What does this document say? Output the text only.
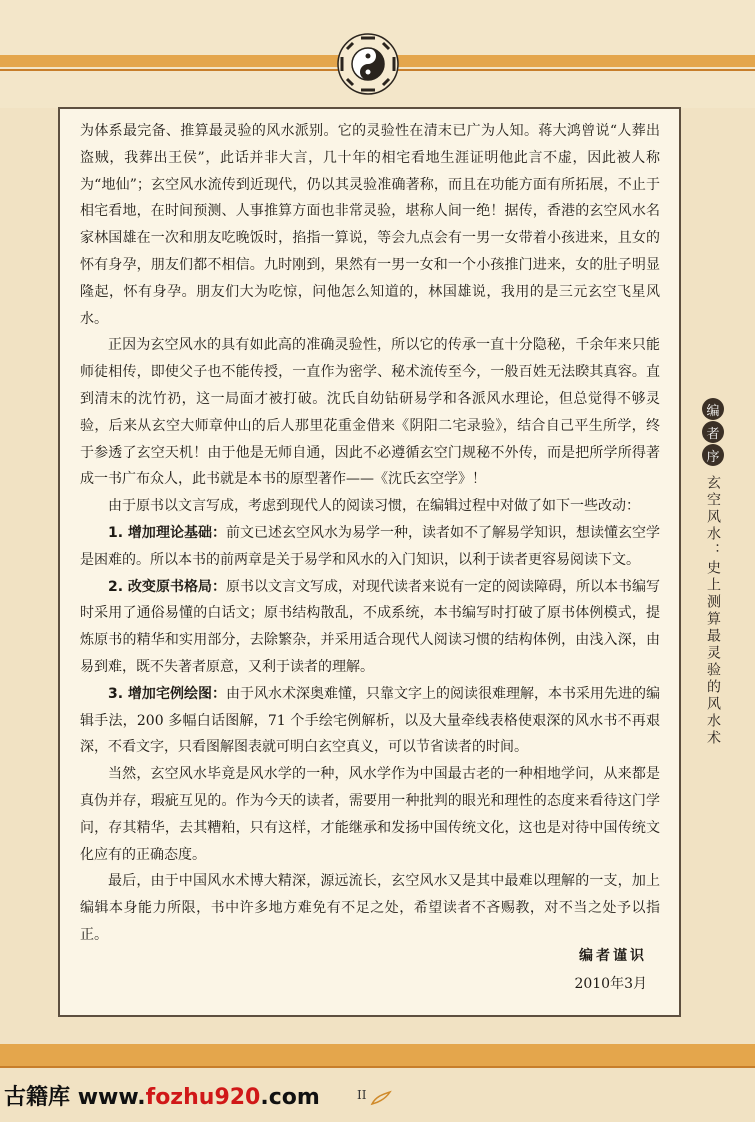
为体系最完备、推算最灵验的风水派别。它的灵验性在清末已广为人知。蒋大鸿曾说“人葬出盗贼，我葬出王侯”，此话并非大言，几十年的相宅看地生涯证明他此言不虚，因此被人称为“地仙”；玄空风水流传到近现代，仍以其灵验准确著称，而且在功能方面有所拓展，不止于相宅看地，在时间预测、人事推算方面也非常灵验，堪称人间一绝！据传，香港的玄空风水名家林国雄在一次和朋友吃晚饭时，掐指一算说，等会九点会有一男一女带着小孩进来，且女的怀有身孕，朋友们都不相信。九时刚到，果然有一男一女和一个小孩推门进来，女的肚子明显隆起，怀有身孕。朋友们大为吃惊，问他怎么知道的，林国雄说，我用的是三元玄空飞星风水。

正因为玄空风水的具有如此高的准确灵验性，所以它的传承一直十分隐秘，千余年来只能师徒相传，即使父子也不能传授，一直作为密学、秘术流传至今，一般百姓无法睽其真容。直到清末的沈竹礽，这一局面才被打破。沈氏自幼钻研易学和各派风水理论，但总觉得不够灵验，后来从玄空大师章仲山的后人那里花重金借来《阴阳二宅录验》，结合自己平生所学，终于参透了玄空天机！由于他是无师自通，因此不必遵循玄空门规秘不外传，而是把所学所得著成一书广布众人，此书就是本书的原型著作——《沈氏玄空学》！

由于原书以文言写成，考虑到现代人的阅读习惯，在编辑过程中对做了如下一些改动：

1. 增加理论基础：前文已述玄空风水为易学一种，读者如不了解易学知识，想读懂玄空学是困难的。所以本书的前两章是关于易学和风水的入门知识，以利于读者更容易阅读下文。

2. 改变原书格局：原书以文言文写成，对现代读者来说有一定的阅读障碍，所以本书编写时采用了通俗易懂的白话文；原书结构散乱，不成系统，本书编写时打破了原书体例模式，提炼原书的精华和实用部分，去除繁杂，并采用适合现代人阅读习惯的结构体例，由浅入深，由易到难，既不失著者原意，又利于读者的理解。

3. 增加宅例绘图：由于风水术深奥难懂，只靠文字上的阅读很难理解，本书采用先进的编辑手法，200 多幅白话图解，71 个手绘宅例解析，以及大量牵线表格使艰深的风水书不再艰深，不看文字，只看图解图表就可明白玄空真义，可以节省读者的时间。

当然，玄空风水毕竟是风水学的一种，风水学作为中国最古老的一种相地学问，从来都是真伪并存，瑕疵互见的。作为今天的读者，需要用一种批判的眼光和理性的态度来看待这门学问，存其精华，去其糟粕，只有这样，才能继承和发扬中国传统文化，这也是对待中国传统文化应有的正确态度。

最后，由于中国风水术博大精深，源远流长，玄空风水又是其中最难以理解的一支，加上编辑本身能力所限，书中许多地方难免有不足之处，希望读者不吝赐教，对不当之处予以指正。

编者谨识
2010年3月
编
者
序
玄空风水：史上测算最灵验的风水术
古籍库 www.fozhu920.com	II
